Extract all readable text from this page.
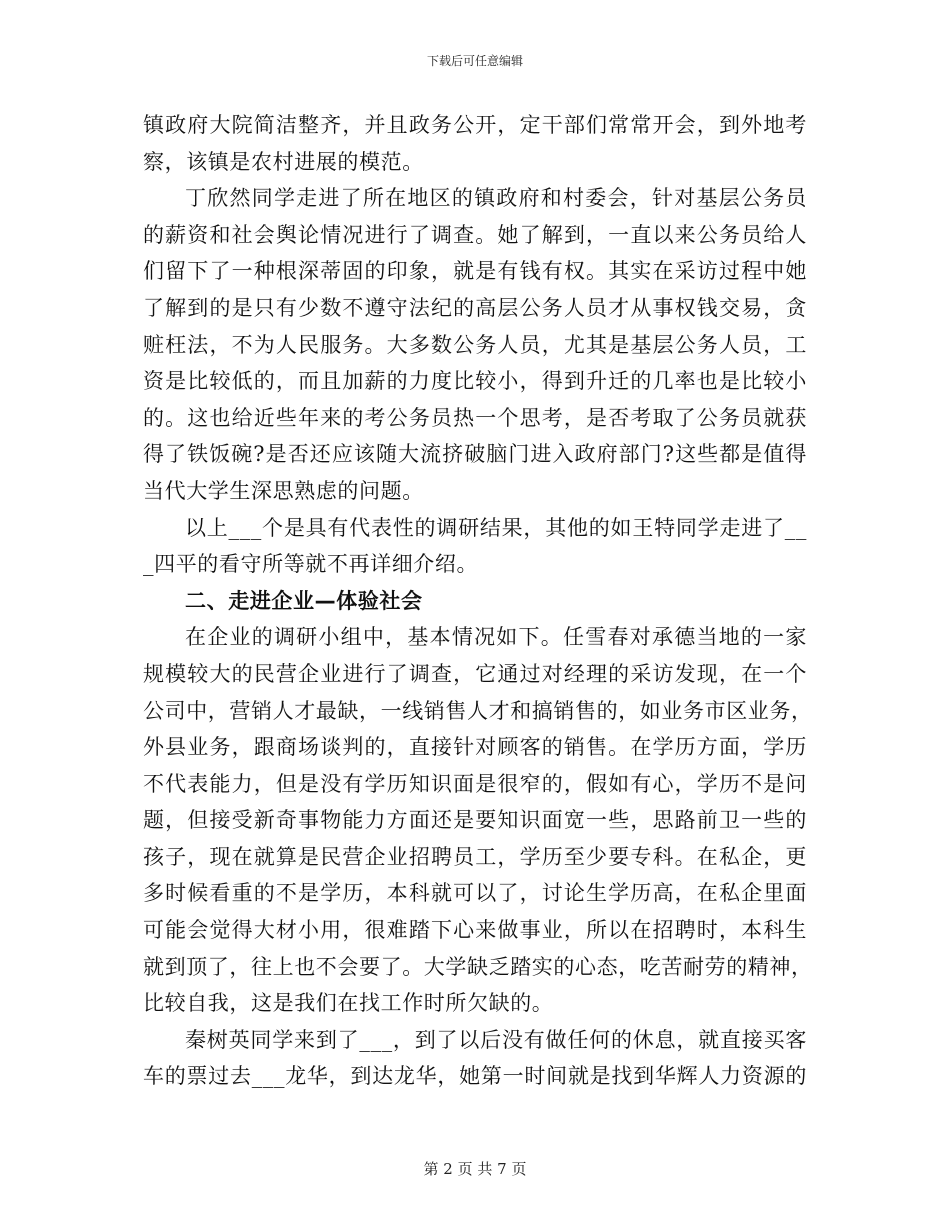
下载后可任意编辑
镇政府大院简洁整齐，并且政务公开，定干部们常常开会，到外地考
察，该镇是农村进展的模范。
丁欣然同学走进了所在地区的镇政府和村委会，针对基层公务员
的薪资和社会舆论情况进行了调查。她了解到，一直以来公务员给人
们留下了一种根深蒂固的印象，就是有钱有权。其实在采访过程中她
了解到的是只有少数不遵守法纪的高层公务人员才从事权钱交易，贪
赃枉法，不为人民服务。大多数公务人员，尤其是基层公务人员，工
资是比较低的，而且加薪的力度比较小，得到升迁的几率也是比较小
的。这也给近些年来的考公务员热一个思考，是否考取了公务员就获
得了铁饭碗?是否还应该随大流挤破脑门进入政府部门?这些都是值得
当代大学生深思熟虑的问题。
以上___个是具有代表性的调研结果，其他的如王特同学走进了__
_四平的看守所等就不再详细介绍。
二、走进企业—体验社会
在企业的调研小组中，基本情况如下。任雪春对承德当地的一家
规模较大的民营企业进行了调查，它通过对经理的采访发现，在一个
公司中，营销人才最缺，一线销售人才和搞销售的，如业务市区业务，
外县业务，跟商场谈判的，直接针对顾客的销售。在学历方面，学历
不代表能力，但是没有学历知识面是很窄的，假如有心，学历不是问
题，但接受新奇事物能力方面还是要知识面宽一些，思路前卫一些的
孩子，现在就算是民营企业招聘员工，学历至少要专科。在私企，更
多时候看重的不是学历，本科就可以了，讨论生学历高，在私企里面
可能会觉得大材小用，很难踏下心来做事业，所以在招聘时，本科生
就到顶了，往上也不会要了。大学缺乏踏实的心态，吃苦耐劳的精神，
比较自我，这是我们在找工作时所欠缺的。
秦树英同学来到了___，到了以后没有做任何的休息，就直接买客
车的票过去___龙华，到达龙华，她第一时间就是找到华辉人力资源的
第 2 页 共 7 页
